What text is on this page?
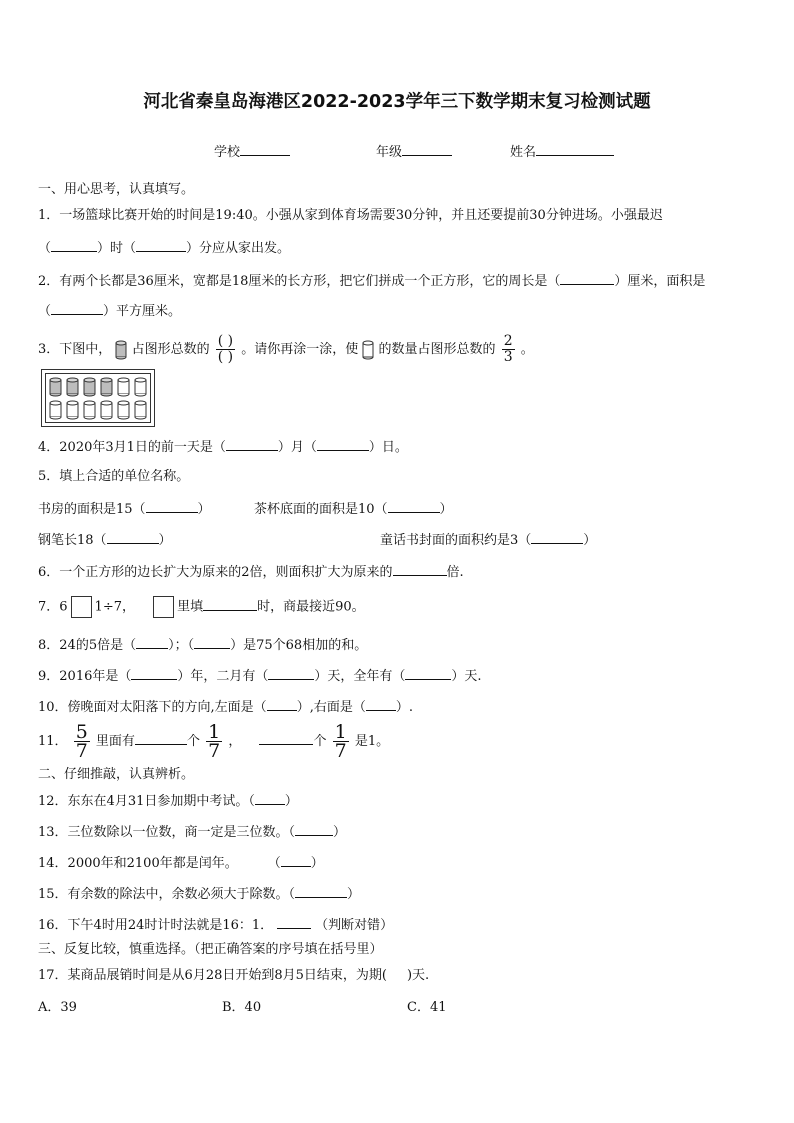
河北省秦皇岛海港区2022-2023学年三下数学期末复习检测试题
学校	年级	姓名
一、用心思考，认真填写。
1．一场篮球比赛开始的时间是19:40。小强从家到体育场需要30分钟，并且还要提前30分钟进场。小强最迟
（	）时（	）分应从家出发。
2．有两个长都是36厘米，宽都是18厘米的长方形，把它们拼成一个正方形，它的周长是（	）厘米，面积是
（	）平方厘米。
3．下图中， 占图形总数的 $\frac{( )}{( )}$ 。请你再涂一涂，使 的数量占图形总数的 $\frac{2}{3}$ 。
4．2020年3月1日的前一天是（	）月（	）日。
5．填上合适的单位名称。
书房的面积是15（	）	茶杯底面的面积是10（	）
钢笔长18（	）	童话书封面的面积约是3（	）
6．一个正方形的边长扩大为原来的2倍，则面积扩大为原来的	倍.
7．6 1÷7，	里填	时，商最接近90。
8．24的5倍是（ ）；（	）是75个68相加的和。
9．2016年是（	）年，二月有（	）天，全年有（	）天.
10．傍晚面对太阳落下的方向,左面是（ ）,右面是（ ）.
11． $\frac{5}{7}$ 里面有	个 $\frac{1}{7}$ ，	个 $\frac{1}{7}$ 是1。
二、仔细推敲，认真辨析。
12．东东在4月31日参加期中考试。（ ）
13．三位数除以一位数，商一定是三位数。（	）
14．2000年和2100年都是闰年。 （ ）
15．有余数的除法中，余数必须大于除数。（	）
16．下午4时用24时计时法就是16：1．	（判断对错）
三、反复比较，慎重选择。（把正确答案的序号填在括号里）
17．某商品展销时间是从6月28日开始到8月5日结束，为期( )天.
A．39	B．40	C．41
